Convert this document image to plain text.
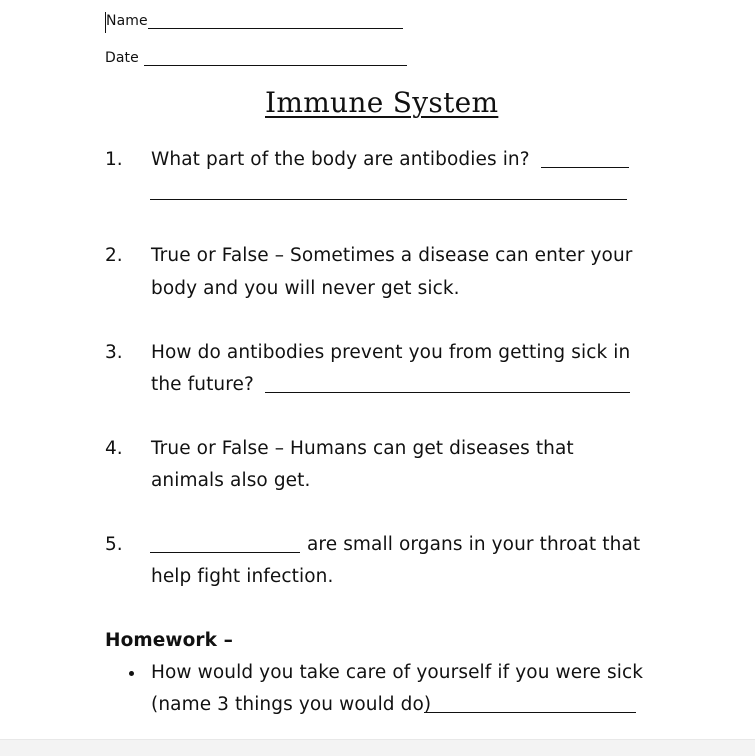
Name
Date
Immune System
1. What part of the body are antibodies in?
2. True or False – Sometimes a disease can enter your
body and you will never get sick.
3. How do antibodies prevent you from getting sick in
the future?
4. True or False – Humans can get diseases that
animals also get.
5.	are small organs in your throat that
help fight infection.
Homework –
How would you take care of yourself if you were sick
(name 3 things you would do)
